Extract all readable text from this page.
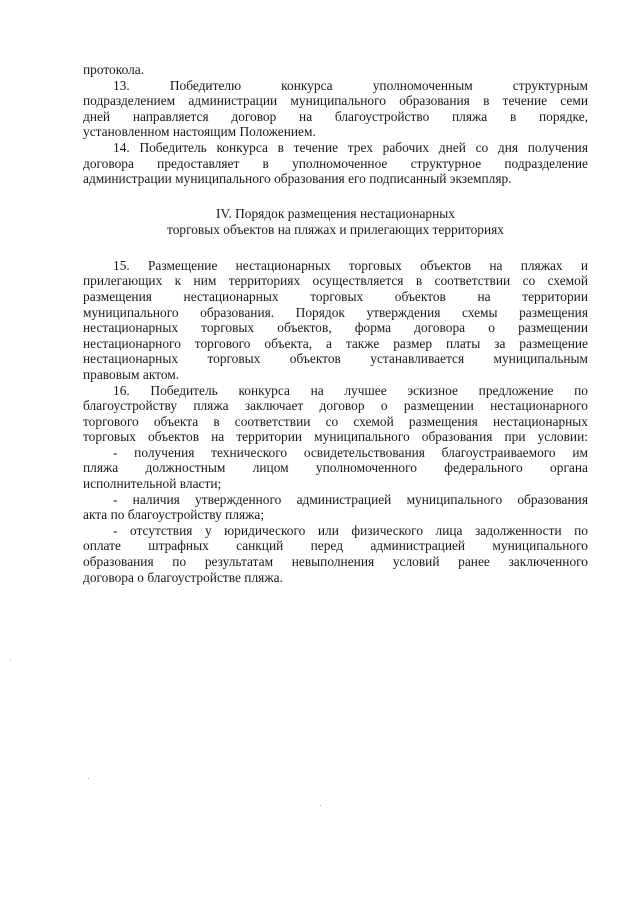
протокола.
13. Победителю конкурса уполномоченным структурным
подразделением администрации муниципального образования в течение семи
дней направляется договор на благоустройство пляжа в порядке,
установленном настоящим Положением.
14. Победитель конкурса в течение трех рабочих дней со дня получения
договора предоставляет в уполномоченное структурное подразделение
администрации муниципального образования его подписанный экземпляр.
IV. Порядок размещения нестационарных
торговых объектов на пляжах и прилегающих территориях
15. Размещение нестационарных торговых объектов на пляжах и
прилегающих к ним территориях осуществляется в соответствии со схемой
размещения нестационарных торговых объектов на территории
муниципального образования. Порядок утверждения схемы размещения
нестационарных торговых объектов, форма договора о размещении
нестационарного торгового объекта, а также размер платы за размещение
нестационарных торговых объектов устанавливается муниципальным
правовым актом.
16. Победитель конкурса на лучшее эскизное предложение по
благоустройству пляжа заключает договор о размещении нестационарного
торгового объекта в соответствии со схемой размещения нестационарных
торговых объектов на территории муниципального образования при условии:
- получения технического освидетельствования благоустраиваемого им
пляжа должностным лицом уполномоченного федерального органа
исполнительной власти;
- наличия утвержденного администрацией муниципального образования
акта по благоустройству пляжа;
- отсутствия у юридического или физического лица задолженности по
оплате штрафных санкций перед администрацией муниципального
образования по результатам невыполнения условий ранее заключенного
договора о благоустройстве пляжа.
